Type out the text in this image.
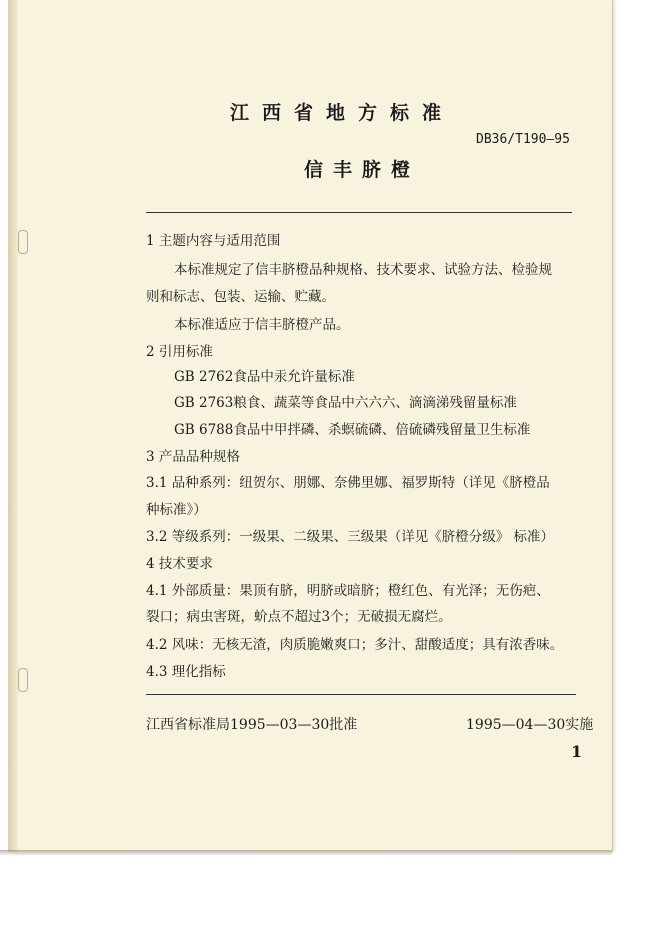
江西省地方标准
DB36/T190—95
信丰脐橙
1 主题内容与适用范围
本标准规定了信丰脐橙品种规格、技术要求、试验方法、检验规
则和标志、包装、运输、贮藏。
本标准适应于信丰脐橙产品。
2 引用标准
GB 2762食品中汞允许量标准
GB 2763粮食、蔬菜等食品中六六六、滴滴涕残留量标准
GB 6788食品中甲拌磷、杀螟硫磷、倍硫磷残留量卫生标准
3 产品品种规格
3.1 品种系列：纽贺尔、朋娜、奈佛里娜、福罗斯特（详见《脐橙品
种标准》）
3.2 等级系列：一级果、二级果、三级果（详见《脐橙分级》 标准）
4 技术要求
4.1 外部质量：果顶有脐，明脐或暗脐；橙红色、有光泽；无伤疤、
裂口；病虫害斑，蚧点不超过3个；无破损无腐烂。
4.2 风味：无核无渣，肉质脆嫩爽口；多汁、甜酸适度；具有浓香味。
4.3 理化指标
江西省标准局1995—03—30批准	1995—04—30实施
1
